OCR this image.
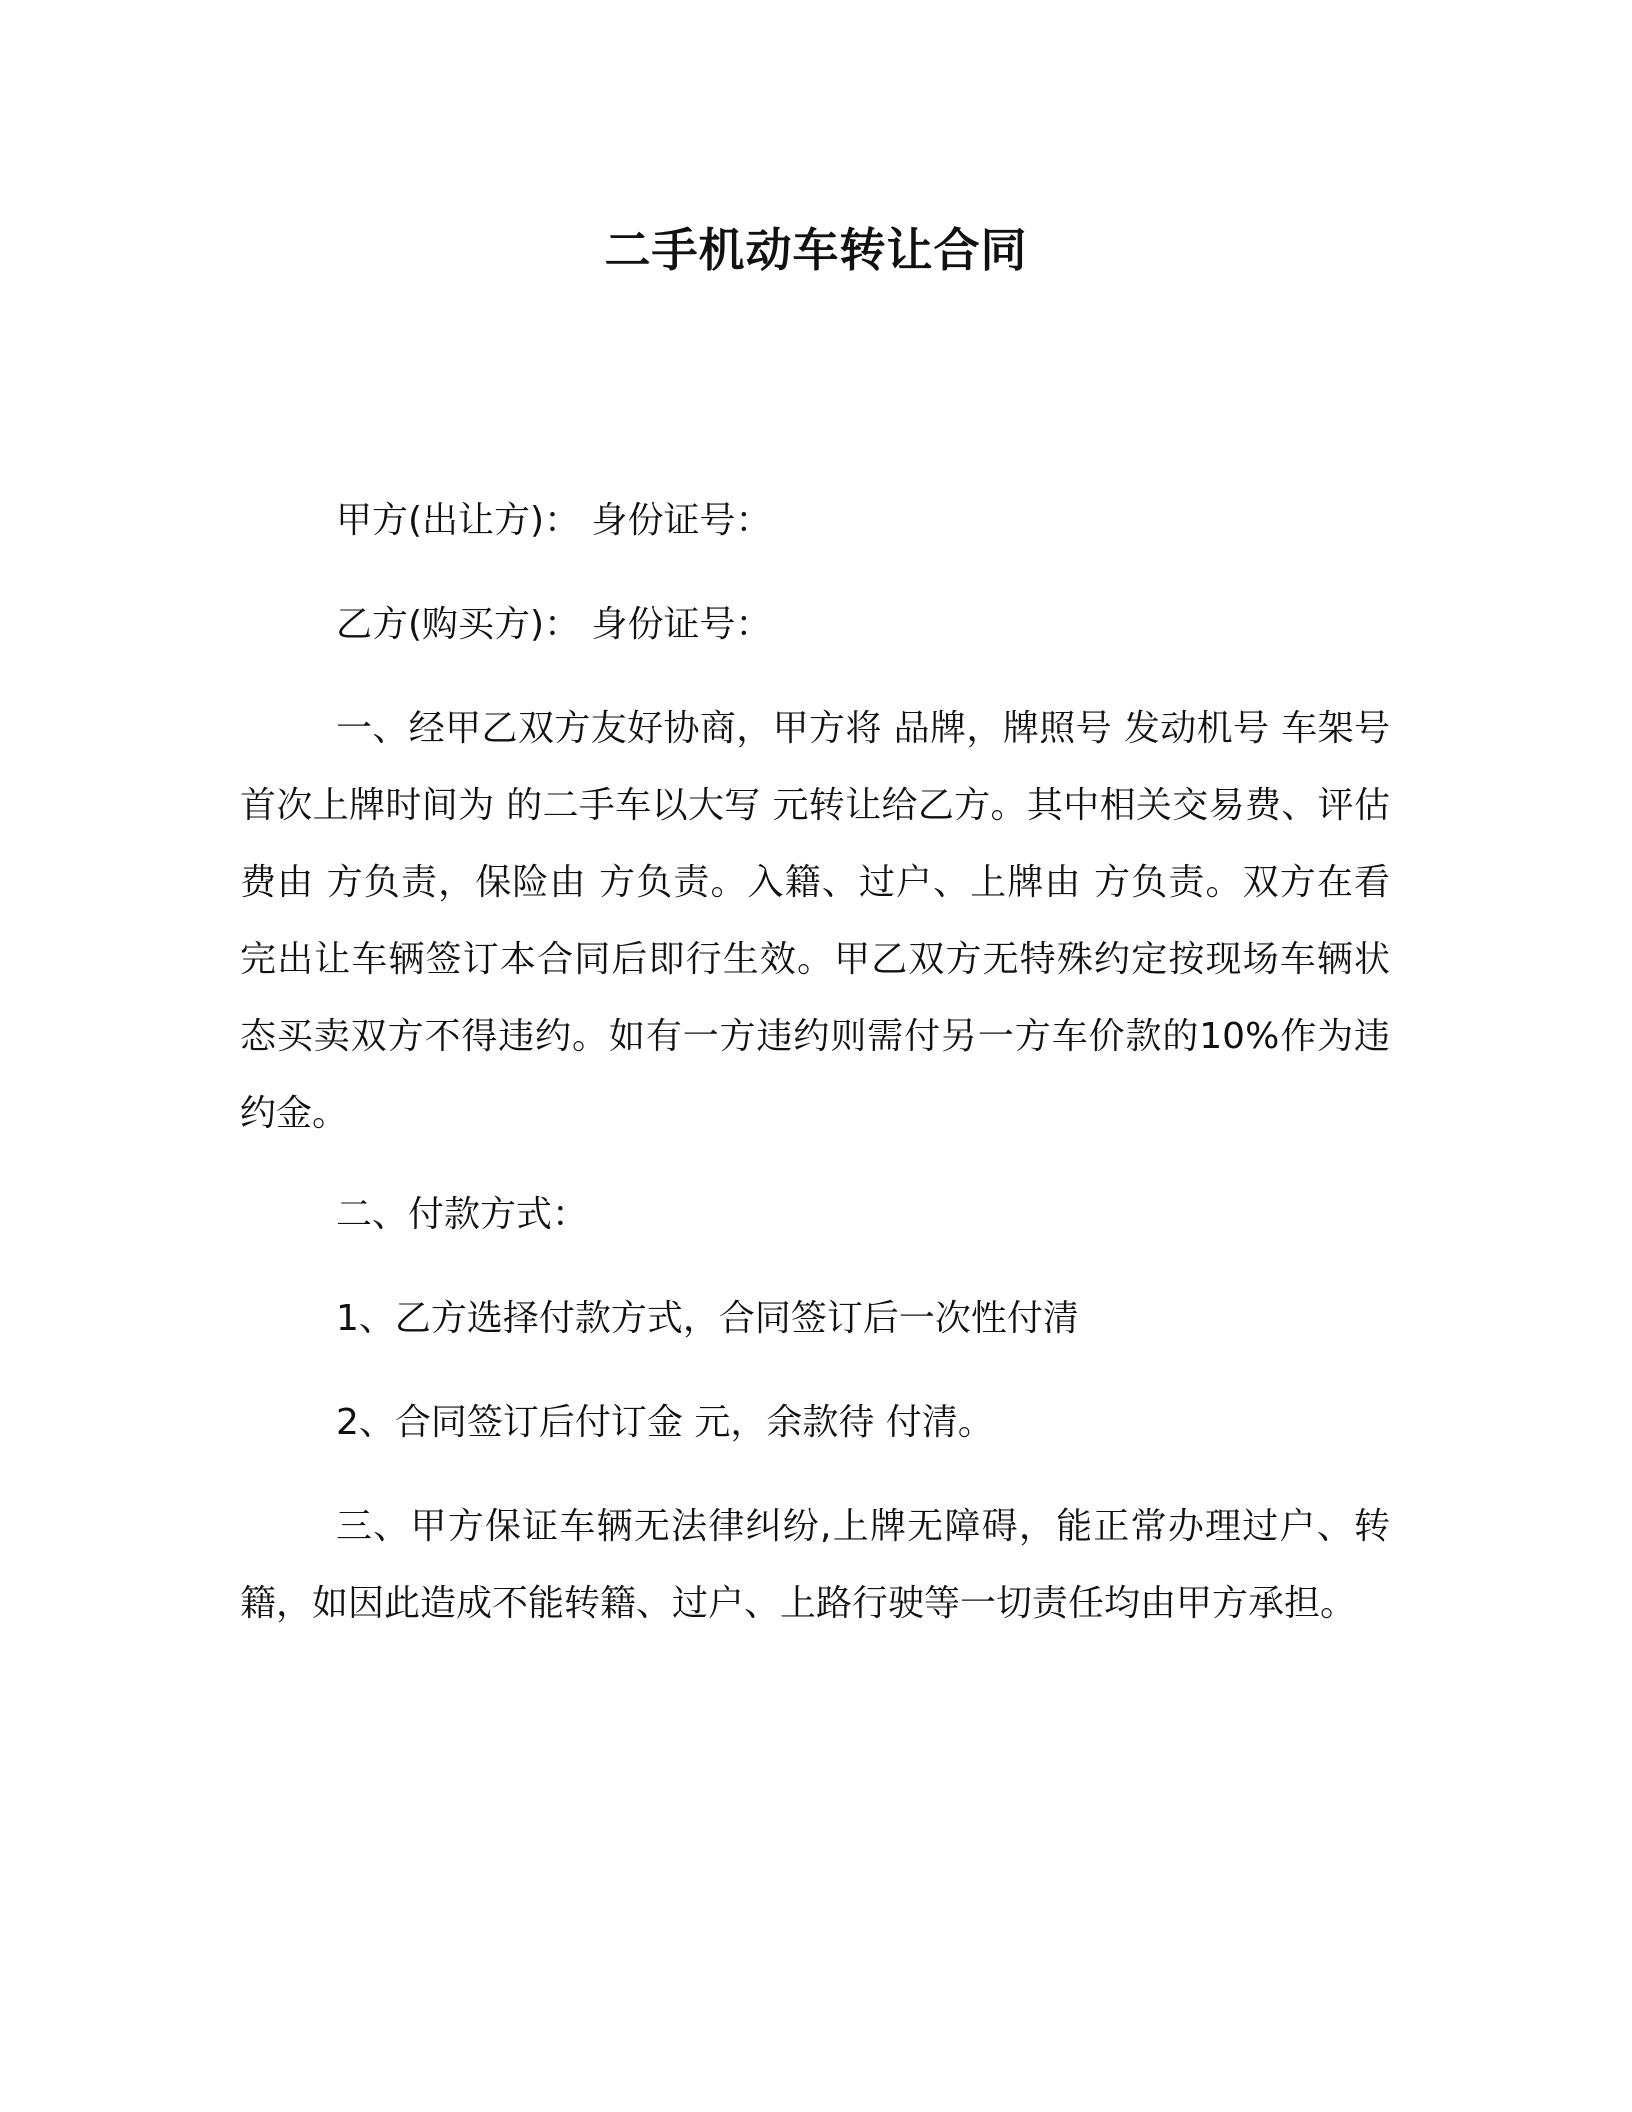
二手机动车转让合同

甲方(出让方)： 身份证号：

乙方(购买方)： 身份证号：

一、经甲乙双方友好协商，甲方将 品牌，牌照号 发动机号 车架号 首次上牌时间为 的二手车以大写 元转让给乙方。其中相关交易费、评估费由 方负责，保险由 方负责。入籍、过户、上牌由 方负责。双方在看完出让车辆签订本合同后即行生效。甲乙双方无特殊约定按现场车辆状态买卖双方不得违约。如有一方违约则需付另一方车价款的10%作为违约金。

二、付款方式：

1、乙方选择付款方式，合同签订后一次性付清

2、合同签订后付订金 元，余款待 付清。

三、甲方保证车辆无法律纠纷,上牌无障碍，能正常办理过户、转籍，如因此造成不能转籍、过户、上路行驶等一切责任均由甲方承担。
